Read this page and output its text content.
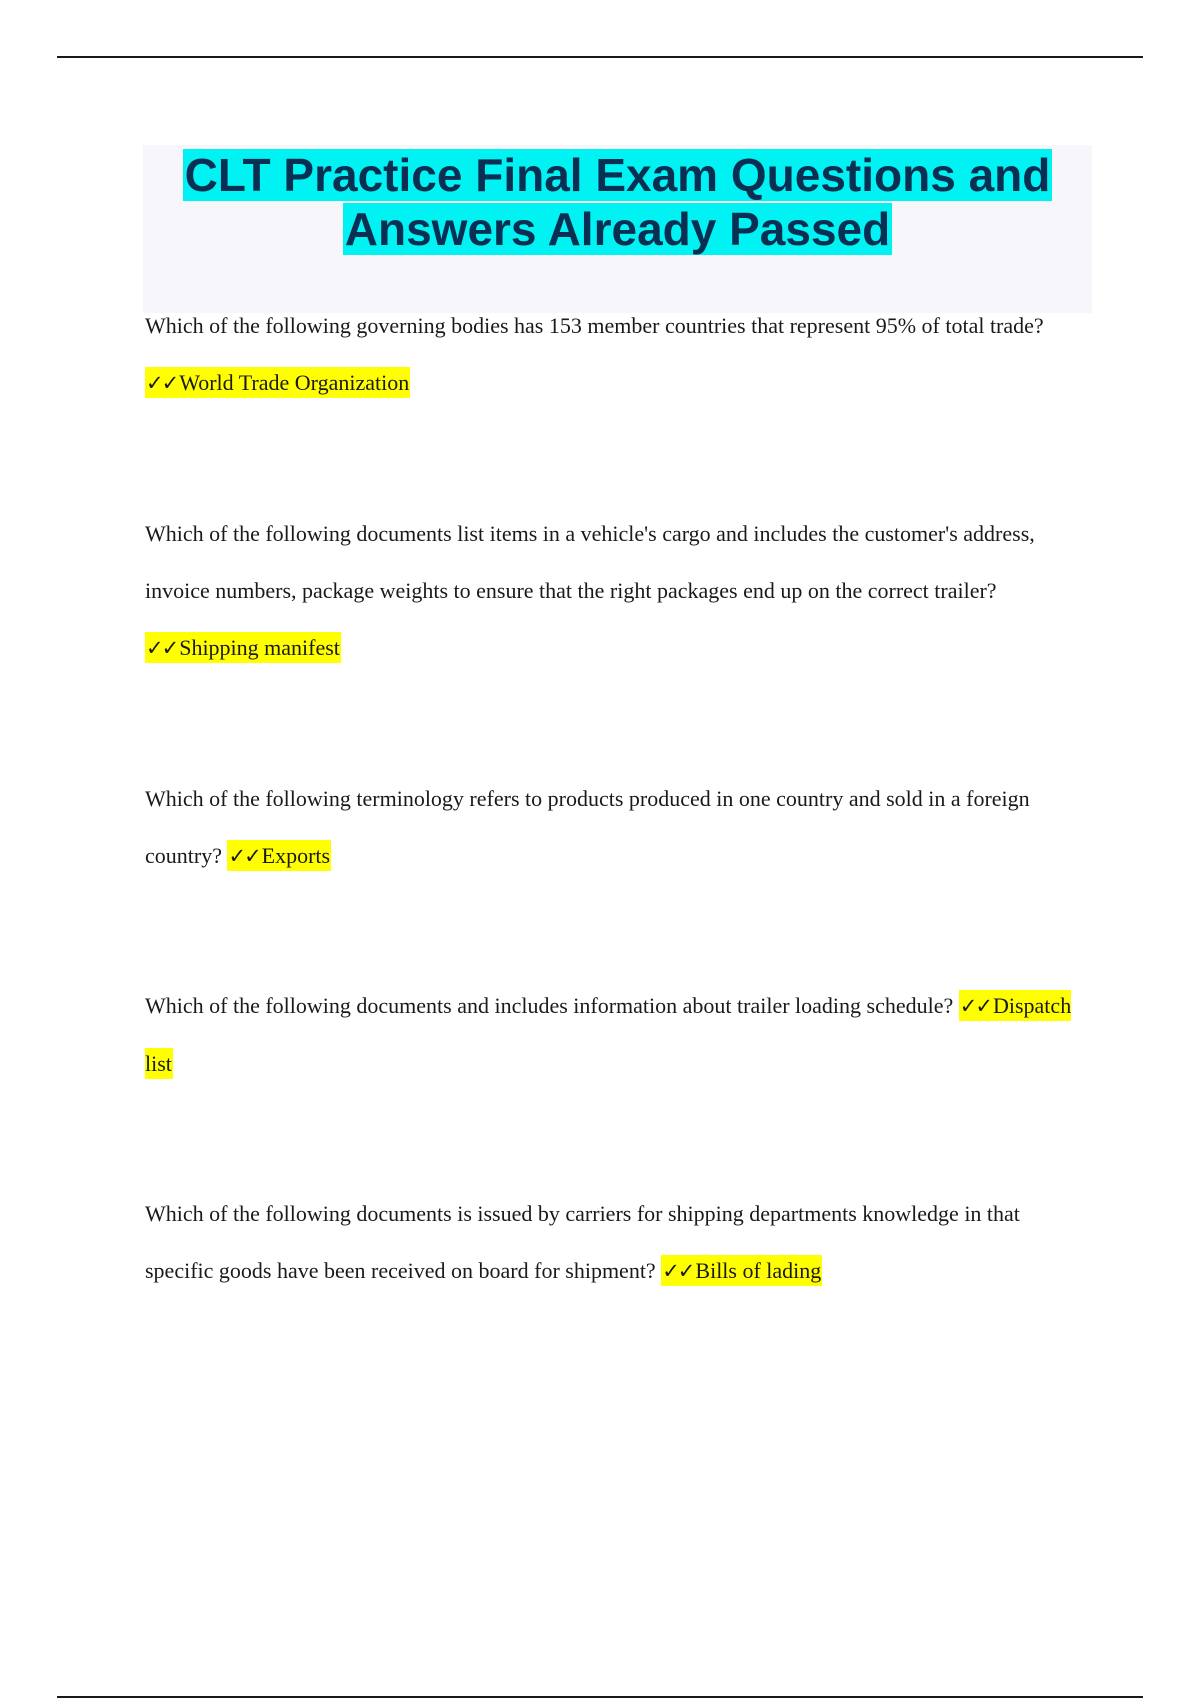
CLT Practice Final Exam Questions and Answers Already Passed
Which of the following governing bodies has 153 member countries that represent 95% of total trade? ✓✓World Trade Organization
Which of the following documents list items in a vehicle's cargo and includes the customer's address, invoice numbers, package weights to ensure that the right packages end up on the correct trailer? ✓✓Shipping manifest
Which of the following terminology refers to products produced in one country and sold in a foreign country? ✓✓Exports
Which of the following documents and includes information about trailer loading schedule? ✓✓Dispatch list
Which of the following documents is issued by carriers for shipping departments knowledge in that specific goods have been received on board for shipment? ✓✓Bills of lading
